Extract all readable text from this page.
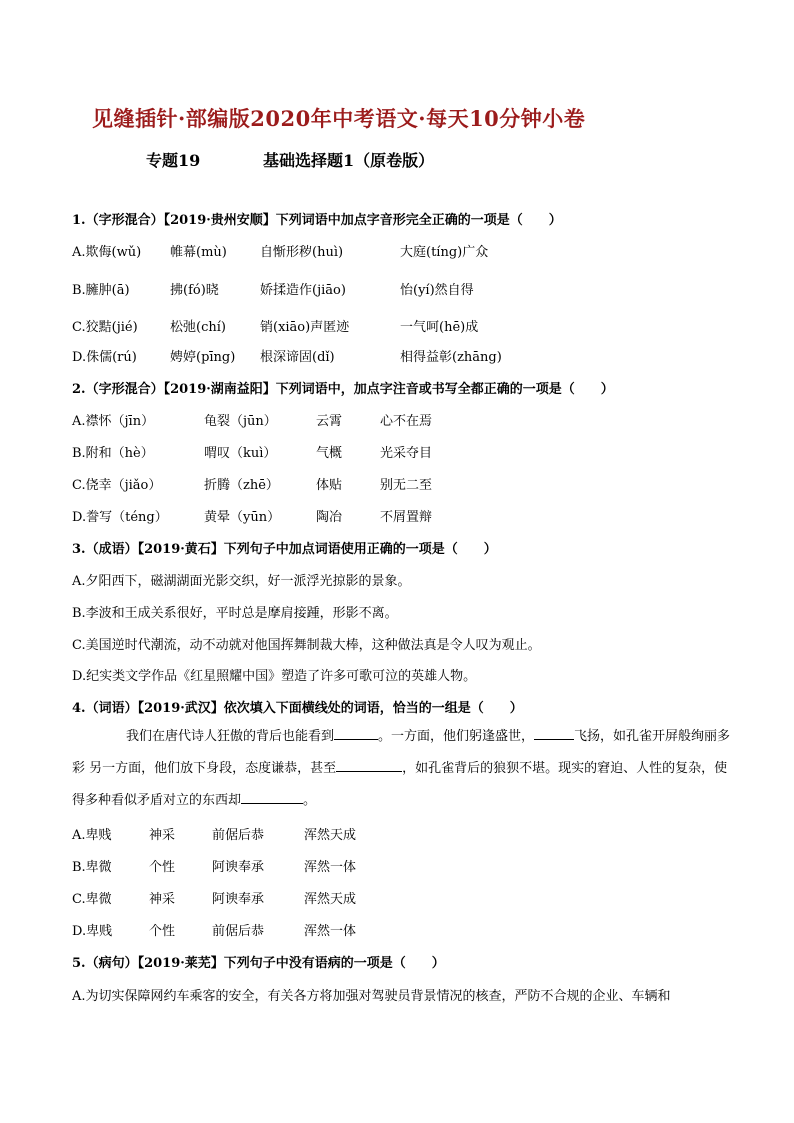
见缝插针·部编版2020年中考语文·每天10分钟小卷
专题19	基础选择题1（原卷版）
1.（字形混合）【2019·贵州安顺】下列词语中加点字音形完全正确的一项是（　　）
A.欺侮(wǔ) 帷幕(mù)	自惭形秽(huì)	大庭(tíng)广众
B.臃肿(ā)	拂(fó)晓	娇揉造作(jiāo)	怡(yí)然自得
C.狡黠(jié) 松弛(chí)	销(xiāo)声匿迹	一气呵(hē)成
D.侏儒(rú)	娉婷(pīng) 根深谛固(dǐ)	相得益彰(zhāng)
2.（字形混合）【2019·湖南益阳】下列词语中，加点字注音或书写全都正确的一项是（　　）
A.襟怀（jīn）	龟裂（jūn）	云霄	心不在焉
B.附和（hè）	喟叹（kuì）	气概	光采夺目
C.侥幸（jiǎo）	折腾（zhē）	体贴	别无二至
D.誊写（téng）	黄晕（yūn）	陶冶	不屑置辩
3.（成语）【2019·黄石】下列句子中加点词语使用正确的一项是（　　）
A.夕阳西下，磁湖湖面光影交织，好一派浮光掠影的景象。
B.李波和王成关系很好，平时总是摩肩接踵，形影不离。
C.美国逆时代潮流，动不动就对他国挥舞制裁大棒，这种做法真是令人叹为观止。
D.纪实类文学作品《红星照耀中国》塑造了许多可歌可泣的英雄人物。
4.（词语）【2019·武汉】依次填入下面横线处的词语，恰当的一组是（　　）
我们在唐代诗人狂傲的背后也能看到	。一方面，他们躬逢盛世，	飞扬，如孔雀开屏般绚丽多彩 另一方面，他们放下身段，态度谦恭，甚至	，如孔雀背后的狼狈不堪。现实的窘迫、人性的复杂，使得多种看似矛盾对立的东西却	。
A.卑贱	神采	前倨后恭	浑然天成
B.卑微	个性	阿谀奉承	浑然一体
C.卑微	神采	阿谀奉承	浑然天成
D.卑贱	个性	前倨后恭	浑然一体
5.（病句）【2019·莱芜】下列句子中没有语病的一项是（　　）
A.为切实保障网约车乘客的安全，有关各方将加强对驾驶员背景情况的核查，严防不合规的企业、车辆和
